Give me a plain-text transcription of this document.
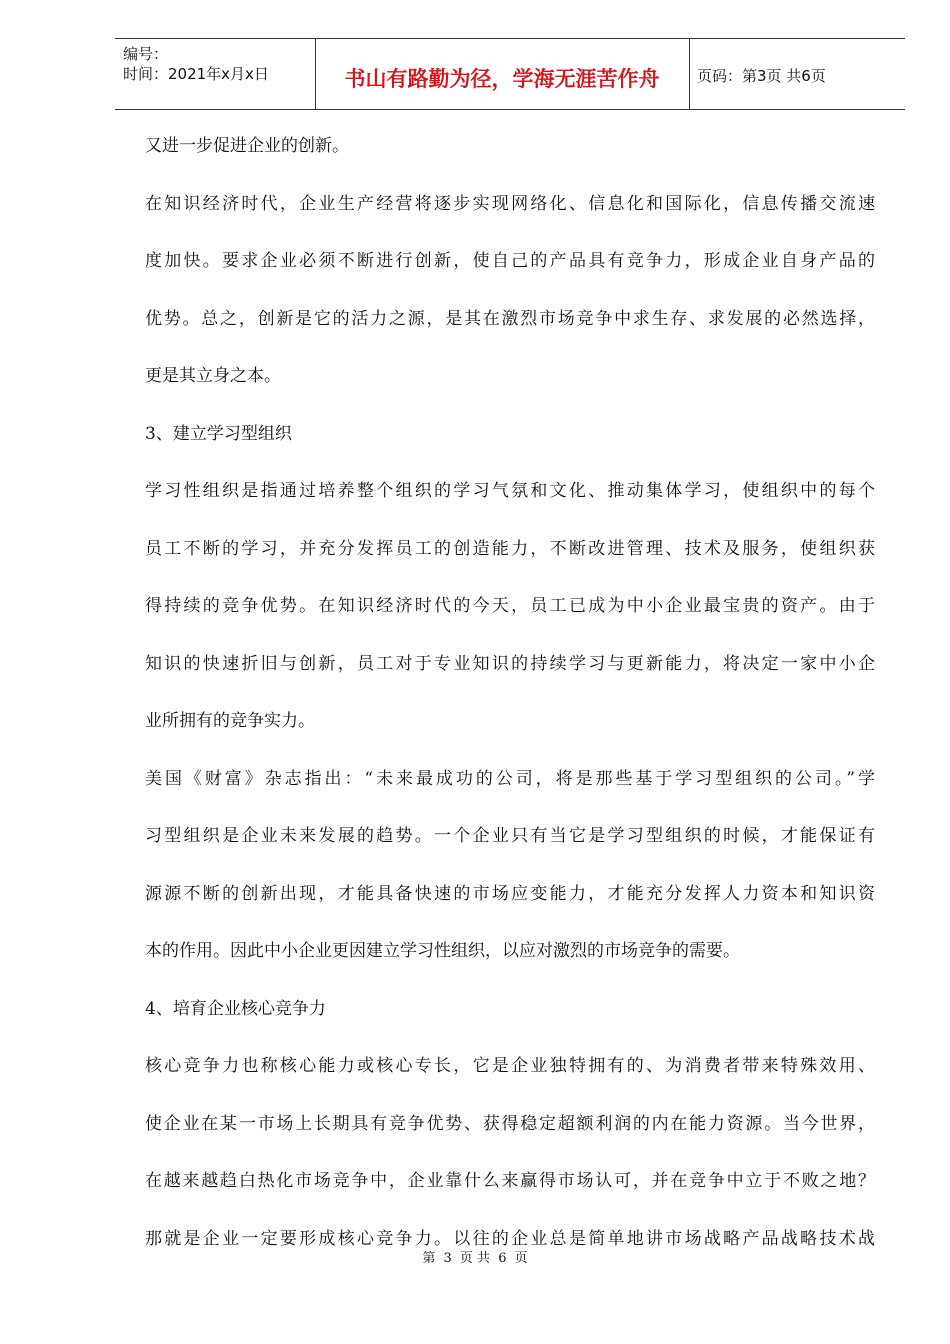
编号：
时间：2021年x月x日	书山有路勤为径，学海无涯苦作舟	页码：第3页 共6页
又进一步促进企业的创新。
在知识经济时代，企业生产经营将逐步实现网络化、信息化和国际化，信息传播交流速
度加快。要求企业必须不断进行创新，使自己的产品具有竞争力，形成企业自身产品的
优势。总之，创新是它的活力之源，是其在激烈市场竞争中求生存、求发展的必然选择，
更是其立身之本。
3、建立学习型组织
学习性组织是指通过培养整个组织的学习气氛和文化、推动集体学习，使组织中的每个
员工不断的学习，并充分发挥员工的创造能力，不断改进管理、技术及服务，使组织获
得持续的竞争优势。在知识经济时代的今天，员工已成为中小企业最宝贵的资产。由于
知识的快速折旧与创新，员工对于专业知识的持续学习与更新能力，将决定一家中小企
业所拥有的竞争实力。
美国《财富》杂志指出：“未来最成功的公司，将是那些基于学习型组织的公司。”学
习型组织是企业未来发展的趋势。一个企业只有当它是学习型组织的时候，才能保证有
源源不断的创新出现，才能具备快速的市场应变能力，才能充分发挥人力资本和知识资
本的作用。因此中小企业更因建立学习性组织，以应对激烈的市场竞争的需要。
4、培育企业核心竞争力
核心竞争力也称核心能力或核心专长，它是企业独特拥有的、为消费者带来特殊效用、
使企业在某一市场上长期具有竞争优势、获得稳定超额利润的内在能力资源。当今世界，
在越来越趋白热化市场竞争中，企业靠什么来赢得市场认可，并在竞争中立于不败之地？
那就是企业一定要形成核心竞争力。以往的企业总是简单地讲市场战略产品战略技术战
第 3 页 共 6 页
